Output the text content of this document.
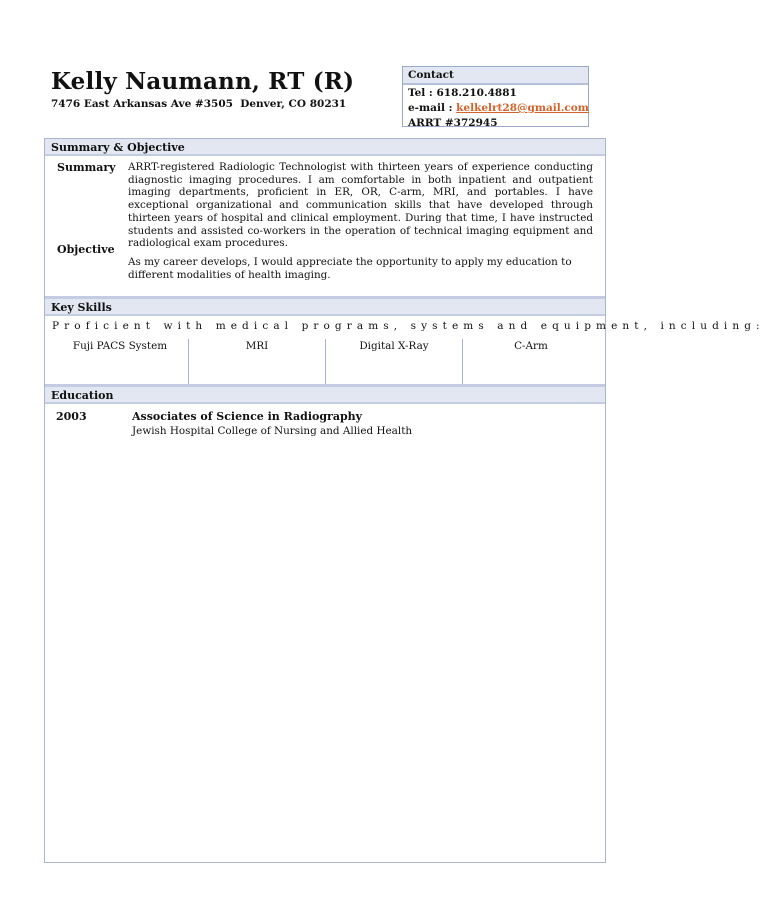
Kelly Naumann, RT (R)
7476 East Arkansas Ave #3505  Denver, CO 80231
Contact
Tel : 618.210.4881
e-mail : kelkelrt28@gmail.com
ARRT #372945
Summary & Objective
Summary ARRT-registered Radiologic Technologist with thirteen years of experience conducting diagnostic imaging procedures. I am comfortable in both inpatient and outpatient imaging departments, proficient in ER, OR, C-arm, MRI, and portables. I have exceptional organizational and communication skills that have developed through thirteen years of hospital and clinical employment. During that time, I have instructed students and assisted co-workers in the operation of technical imaging equipment and radiological exam procedures.

Objective

As my career develops, I would appreciate the opportunity to apply my education to different modalities of health imaging.

Key Skills
Proficient with medical programs, systems and equipment, including:
Fuji PACS System	MRI	Digital X-Ray	C-Arm
Education
2003	Associates of Science in Radiography
Jewish Hospital College of Nursing and Allied Health
